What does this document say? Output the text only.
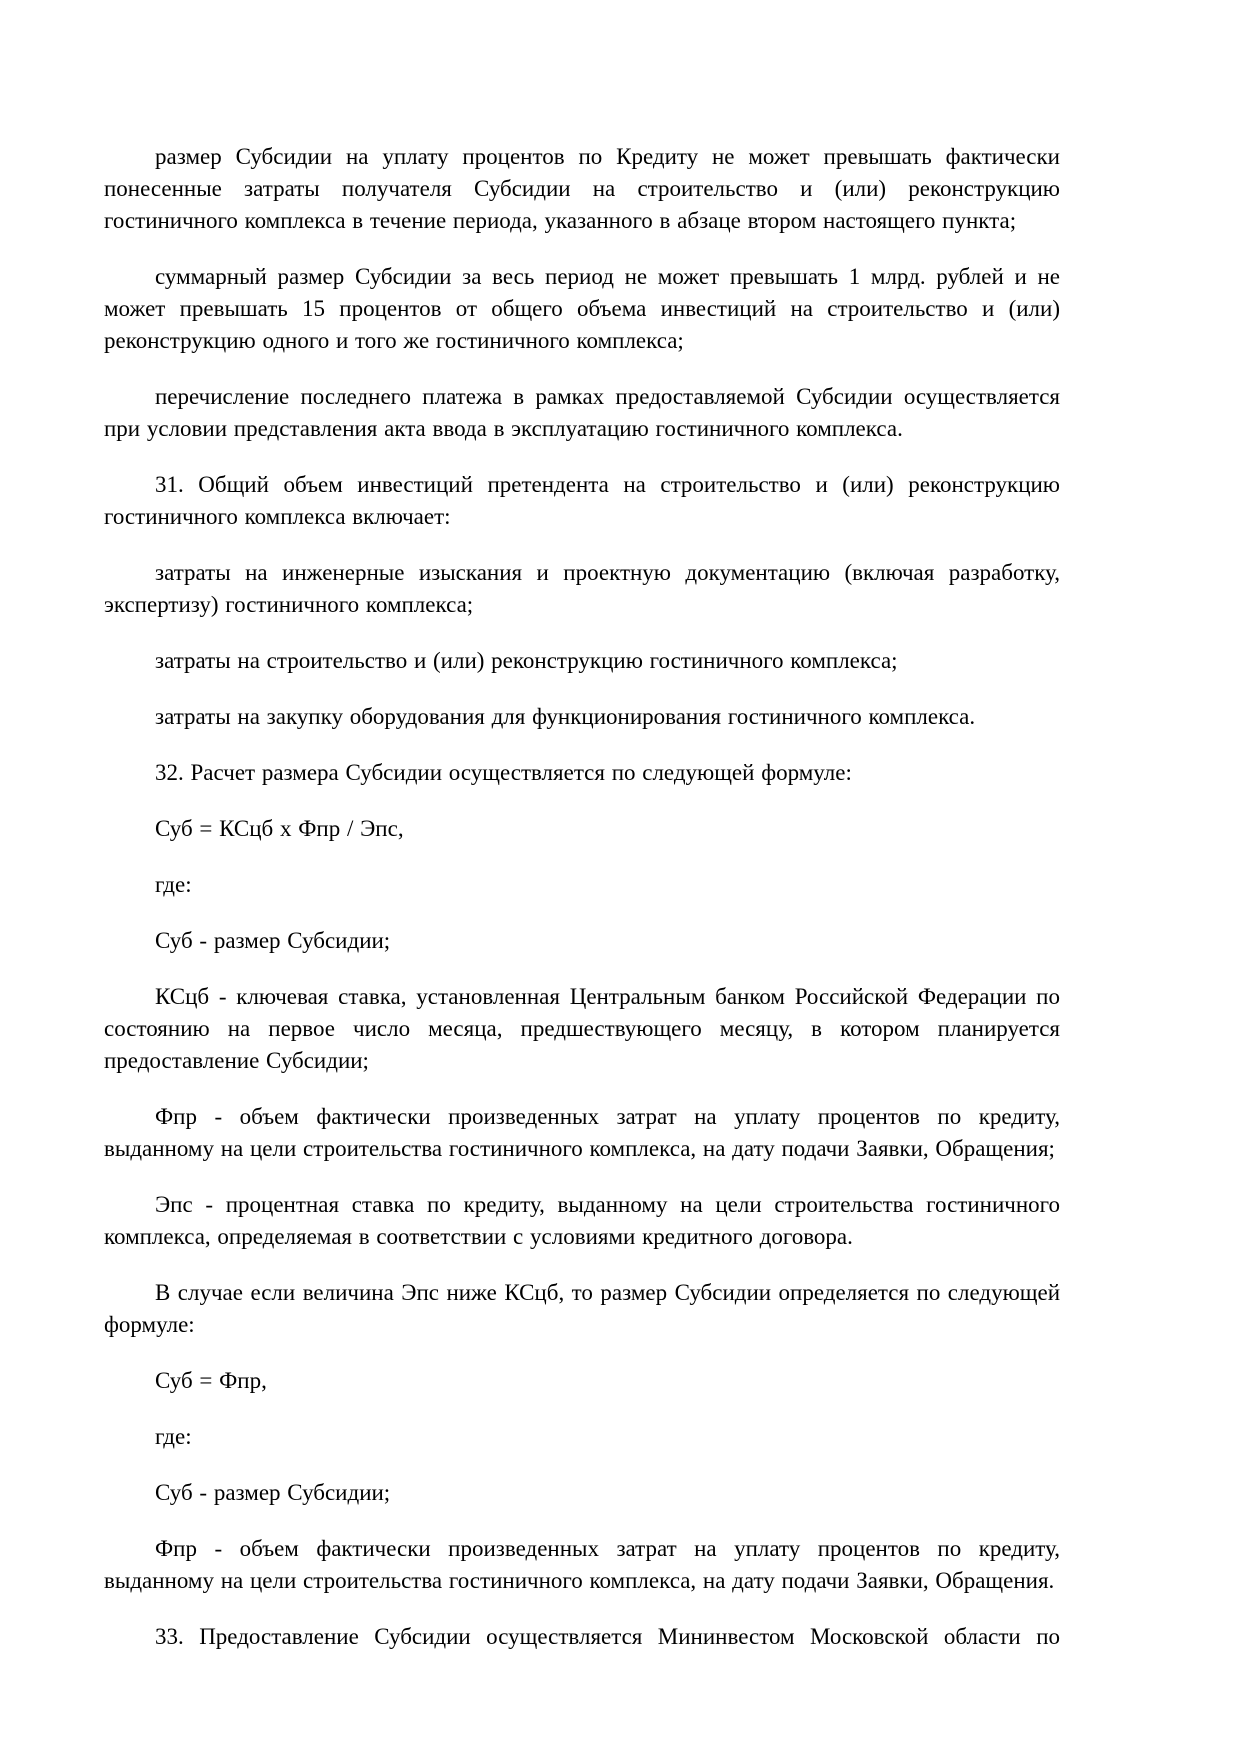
размер Субсидии на уплату процентов по Кредиту не может превышать фактически понесенные затраты получателя Субсидии на строительство и (или) реконструкцию гостиничного комплекса в течение периода, указанного в абзаце втором настоящего пункта;

суммарный размер Субсидии за весь период не может превышать 1 млрд. рублей и не может превышать 15 процентов от общего объема инвестиций на строительство и (или) реконструкцию одного и того же гостиничного комплекса;

перечисление последнего платежа в рамках предоставляемой Субсидии осуществляется при условии представления акта ввода в эксплуатацию гостиничного комплекса.

31. Общий объем инвестиций претендента на строительство и (или) реконструкцию гостиничного комплекса включает:

затраты на инженерные изыскания и проектную документацию (включая разработку, экспертизу) гостиничного комплекса;

затраты на строительство и (или) реконструкцию гостиничного комплекса;

затраты на закупку оборудования для функционирования гостиничного комплекса.

32. Расчет размера Субсидии осуществляется по следующей формуле:

Суб = КСцб х Фпр / Эпс,

где:

Суб - размер Субсидии;

КСцб - ключевая ставка, установленная Центральным банком Российской Федерации по состоянию на первое число месяца, предшествующего месяцу, в котором планируется предоставление Субсидии;

Фпр - объем фактически произведенных затрат на уплату процентов по кредиту, выданному на цели строительства гостиничного комплекса, на дату подачи Заявки, Обращения;

Эпс - процентная ставка по кредиту, выданному на цели строительства гостиничного комплекса, определяемая в соответствии с условиями кредитного договора.

В случае если величина Эпс ниже КСцб, то размер Субсидии определяется по следующей формуле:

Суб = Фпр,

где:

Суб - размер Субсидии;

Фпр - объем фактически произведенных затрат на уплату процентов по кредиту, выданному на цели строительства гостиничного комплекса, на дату подачи Заявки, Обращения.

33. Предоставление Субсидии осуществляется Мининвестом Московской области по
